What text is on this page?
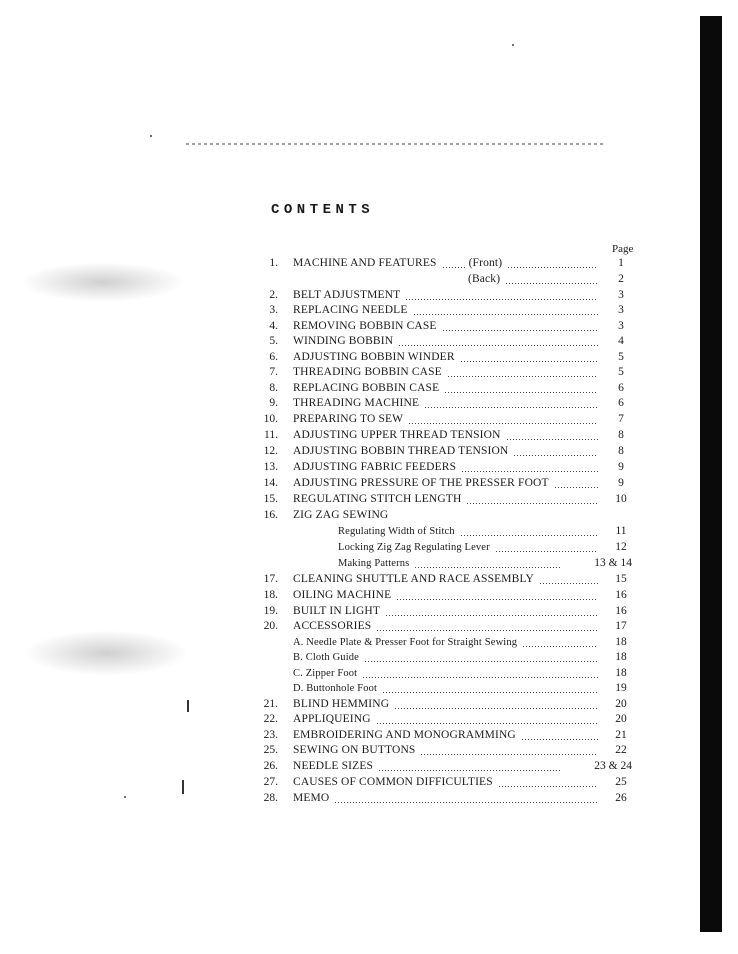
CONTENTS
Page
1. MACHINE AND FEATURES	(Front)	1
(Back)	2
2. BELT ADJUSTMENT	3
3. REPLACING NEEDLE	3
4. REMOVING BOBBIN CASE	3
5. WINDING BOBBIN	4
6. ADJUSTING BOBBIN WINDER	5
7. THREADING BOBBIN CASE	5
8. REPLACING BOBBIN CASE	6
9. THREADING MACHINE	6
10. PREPARING TO SEW	7
11. ADJUSTING UPPER THREAD TENSION	8
12. ADJUSTING BOBBIN THREAD TENSION	8
13. ADJUSTING FABRIC FEEDERS	9
14. ADJUSTING PRESSURE OF THE PRESSER FOOT	9
15. REGULATING STITCH LENGTH	10
16. ZIG ZAG SEWING
Regulating Width of Stitch	11
Locking Zig Zag Regulating Lever	12
Making Patterns	13 & 14
17. CLEANING SHUTTLE AND RACE ASSEMBLY	15
18. OILING MACHINE	16
19. BUILT IN LIGHT	16
20. ACCESSORIES	17
A. Needle Plate & Presser Foot for Straight Sewing	18
B. Cloth Guide	18
C. Zipper Foot	18
D. Buttonhole Foot	19
21. BLIND HEMMING	20
22. APPLIQUEING	20
23. EMBROIDERING AND MONOGRAMMING	21
25. SEWING ON BUTTONS	22
26. NEEDLE SIZES	23 & 24
27. CAUSES OF COMMON DIFFICULTIES	25
28. MEMO	26
